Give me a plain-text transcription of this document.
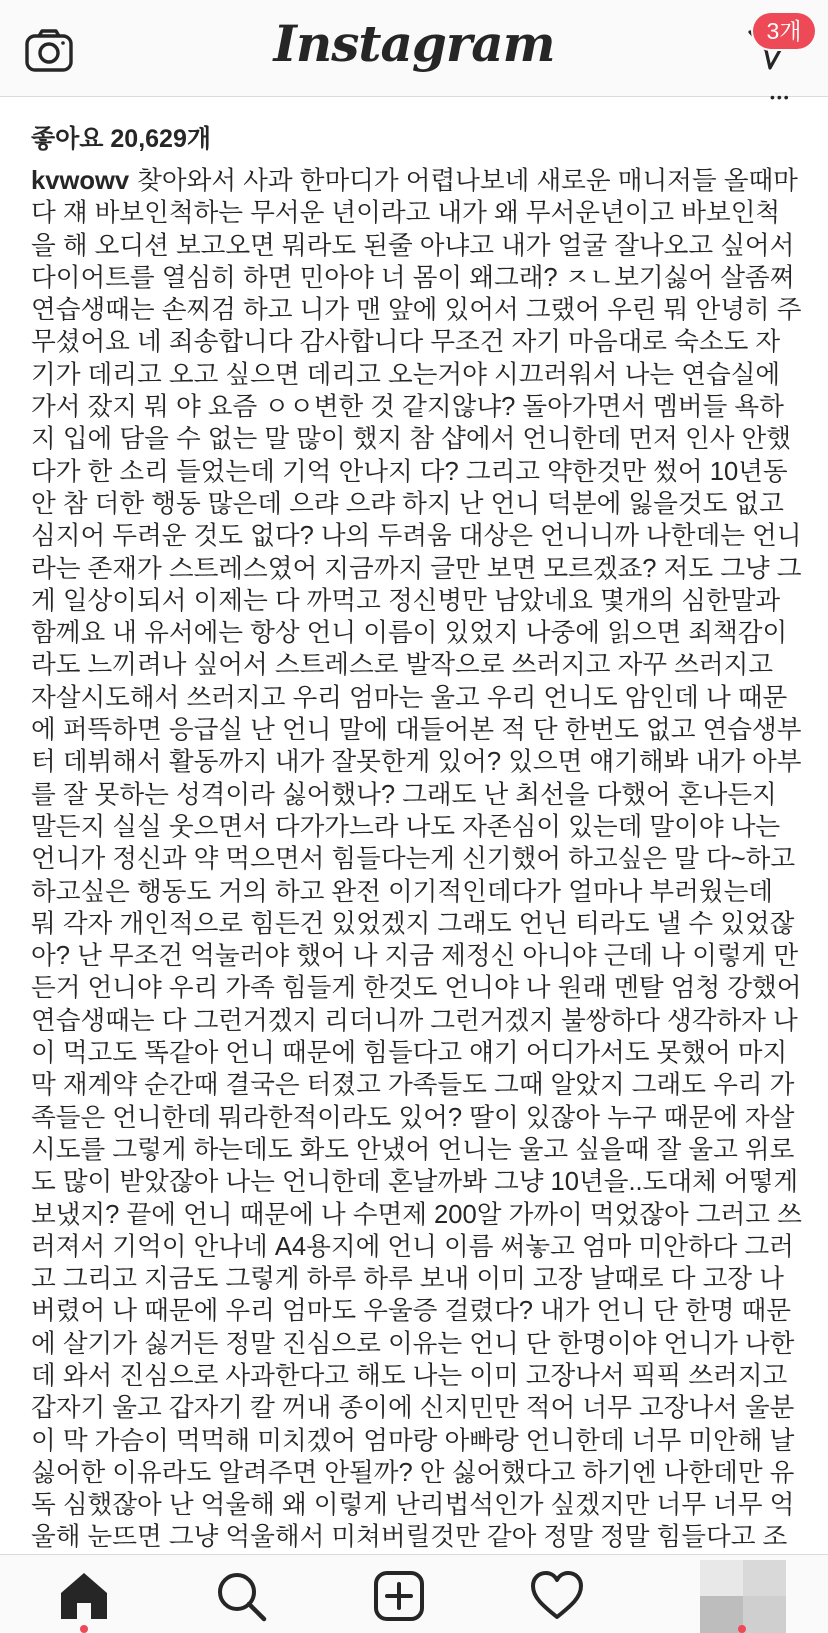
Instagram	3개
•••
좋아요 20,629개

kvwowv 찾아와서 사과 한마디가 어렵나보네 새로운 매니저들 올때마다 쟤 바보인척하는 무서운 년이라고 내가 왜 무서운년이고 바보인척을 해 오디션 보고오면 뭐라도 된줄 아냐고 내가 얼굴 잘나오고 싶어서 다이어트를 열심히 하면 민아야 너 몸이 왜그래? ㅈㄴ보기싫어 살좀쪄 연습생때는 손찌검 하고 니가 맨 앞에 있어서 그랬어 우린 뭐 안녕히 주무셨어요 네 죄송합니다 감사합니다 무조건 자기 마음대로 숙소도 자기가 데리고 오고 싶으면 데리고 오는거야 시끄러워서 나는 연습실에 가서 잤지 뭐 야 요즘 ㅇㅇ변한 것 같지않냐? 돌아가면서 멤버들 욕하지 입에 담을 수 없는 말 많이 했지 참 샵에서 언니한데 먼저 인사 안했다가 한 소리 들었는데 기억 안나지 다? 그리고 약한것만 썼어 10년동안 참 더한 행동 많은데 으랴 으랴 하지 난 언니 덕분에 잃을것도 없고 심지어 두려운 것도 없다? 나의 두려움 대상은 언니니까 나한데는 언니라는 존재가 스트레스였어 지금까지 글만 보면 모르겠죠? 저도 그냥 그게 일상이되서 이제는 다 까먹고 정신병만 남았네요 몇개의 심한말과 함께요 내 유서에는 항상 언니 이름이 있었지 나중에 읽으면 죄책감이라도 느끼려나 싶어서 스트레스로 발작으로 쓰러지고 자꾸 쓰러지고 자살시도해서 쓰러지고 우리 엄마는 울고 우리 언니도 암인데 나 때문에 퍼뜩하면 응급실 난 언니 말에 대들어본 적 단 한번도 없고 연습생부터 데뷔해서 활동까지 내가 잘못한게 있어? 있으면 얘기해봐 내가 아부를 잘 못하는 성격이라 싫어했나? 그래도 난 최선을 다했어 혼나든지 말든지 실실 웃으면서 다가가느라 나도 자존심이 있는데 말이야 나는 언니가 정신과 약 먹으면서 힘들다는게 신기했어 하고싶은 말 다~하고 하고싶은 행동도 거의 하고 완전 이기적인데다가 얼마나 부러웠는데 뭐 각자 개인적으로 힘든건 있었겠지 그래도 언닌 티라도 낼 수 있었잖아? 난 무조건 억눌러야 했어 나 지금 제정신 아니야 근데 나 이렇게 만든거 언니야 우리 가족 힘들게 한것도 언니야 나 원래 멘탈 엄청 강했어 연습생때는 다 그런거겠지 리더니까 그런거겠지 불쌍하다 생각하자 나이 먹고도 똑같아 언니 때문에 힘들다고 얘기 어디가서도 못했어 마지막 재계약 순간때 결국은 터졌고 가족들도 그때 알았지 그래도 우리 가족들은 언니한데 뭐라한적이라도 있어? 딸이 있잖아 누구 때문에 자살 시도를 그렇게 하는데도 화도 안냈어 언니는 울고 싶을때 잘 울고 위로도 많이 받았잖아 나는 언니한데 혼날까봐 그냥 10년을..도대체 어떻게 보냈지? 끝에 언니 때문에 나 수면제 200알 가까이 먹었잖아 그러고 쓰러져서 기억이 안나네 A4용지에 언니 이름 써놓고 엄마 미안하다 그러고 그리고 지금도 그렇게 하루 하루 보내 이미 고장 날때로 다 고장 나버렸어 나 때문에 우리 엄마도 우울증 걸렸다? 내가 언니 단 한명 때문에 살기가 싫거든 정말 진심으로 이유는 언니 단 한명이야 언니가 나한데 와서 진심으로 사과한다고 해도 나는 이미 고장나서 픽픽 쓰러지고 갑자기 울고 갑자기 칼 꺼내 종이에 신지민만 적어 너무 고장나서 울분이 막 가슴이 먹먹해 미치겠어 엄마랑 아빠랑 언니한데 너무 미안해 날 싫어한 이유라도 알려주면 안될까? 안 싫어했다고 하기엔 나한데만 유독 심했잖아 난 억울해 왜 이렇게 난리법석인가 싶겠지만 너무 너무 억울해 눈뜨면 그냥 억울해서 미쳐버릴것만 같아 정말 정말 힘들다고 조
